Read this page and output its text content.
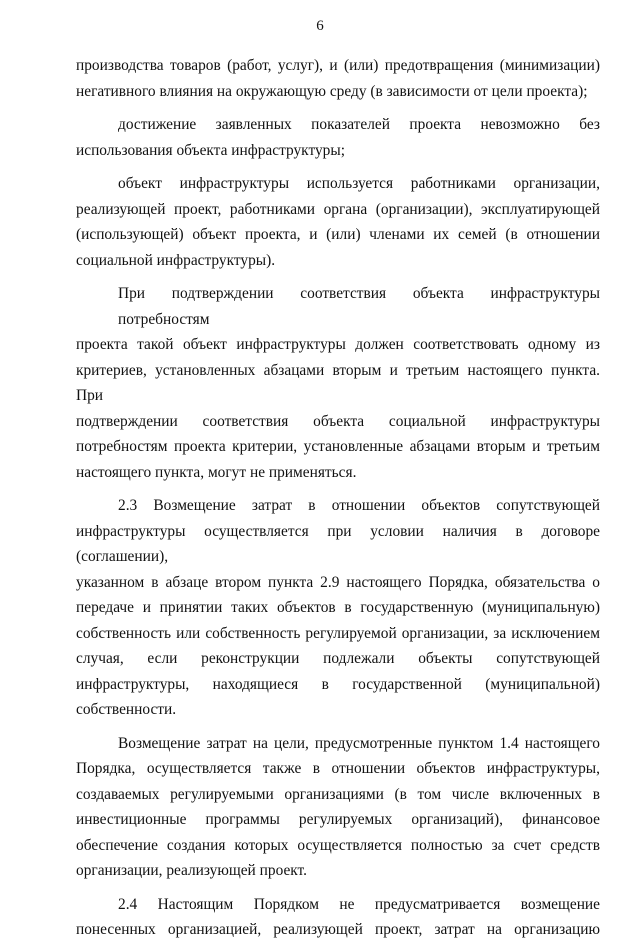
6
производства товаров (работ, услуг), и (или) предотвращения (минимизации)
негативного влияния на окружающую среду (в зависимости от цели проекта);
достижение заявленных показателей проекта невозможно без
использования объекта инфраструктуры;
объект инфраструктуры используется работниками организации,
реализующей проект, работниками органа (организации), эксплуатирующей
(использующей) объект проекта, и (или) членами их семей (в отношении
социальной инфраструктуры).
При подтверждении соответствия объекта инфраструктуры потребностям
проекта такой объект инфраструктуры должен соответствовать одному из
критериев, установленных абзацами вторым и третьим настоящего пункта. При
подтверждении соответствия объекта социальной инфраструктуры
потребностям проекта критерии, установленные абзацами вторым и третьим
настоящего пункта, могут не применяться.
2.3 Возмещение затрат в отношении объектов сопутствующей
инфраструктуры осуществляется при условии наличия в договоре (соглашении),
указанном в абзаце втором пункта 2.9 настоящего Порядка, обязательства о
передаче и принятии таких объектов в государственную (муниципальную)
собственность или собственность регулируемой организации, за исключением
случая, если реконструкции подлежали объекты сопутствующей
инфраструктуры, находящиеся в государственной (муниципальной)
собственности.
Возмещение затрат на цели, предусмотренные пунктом 1.4 настоящего
Порядка, осуществляется также в отношении объектов инфраструктуры,
создаваемых регулируемыми организациями (в том числе включенных в
инвестиционные программы регулируемых организаций), финансовое
обеспечение создания которых осуществляется полностью за счет средств
организации, реализующей проект.
2.4 Настоящим Порядком не предусматривается возмещение
понесенных организацией, реализующей проект, затрат на организацию
